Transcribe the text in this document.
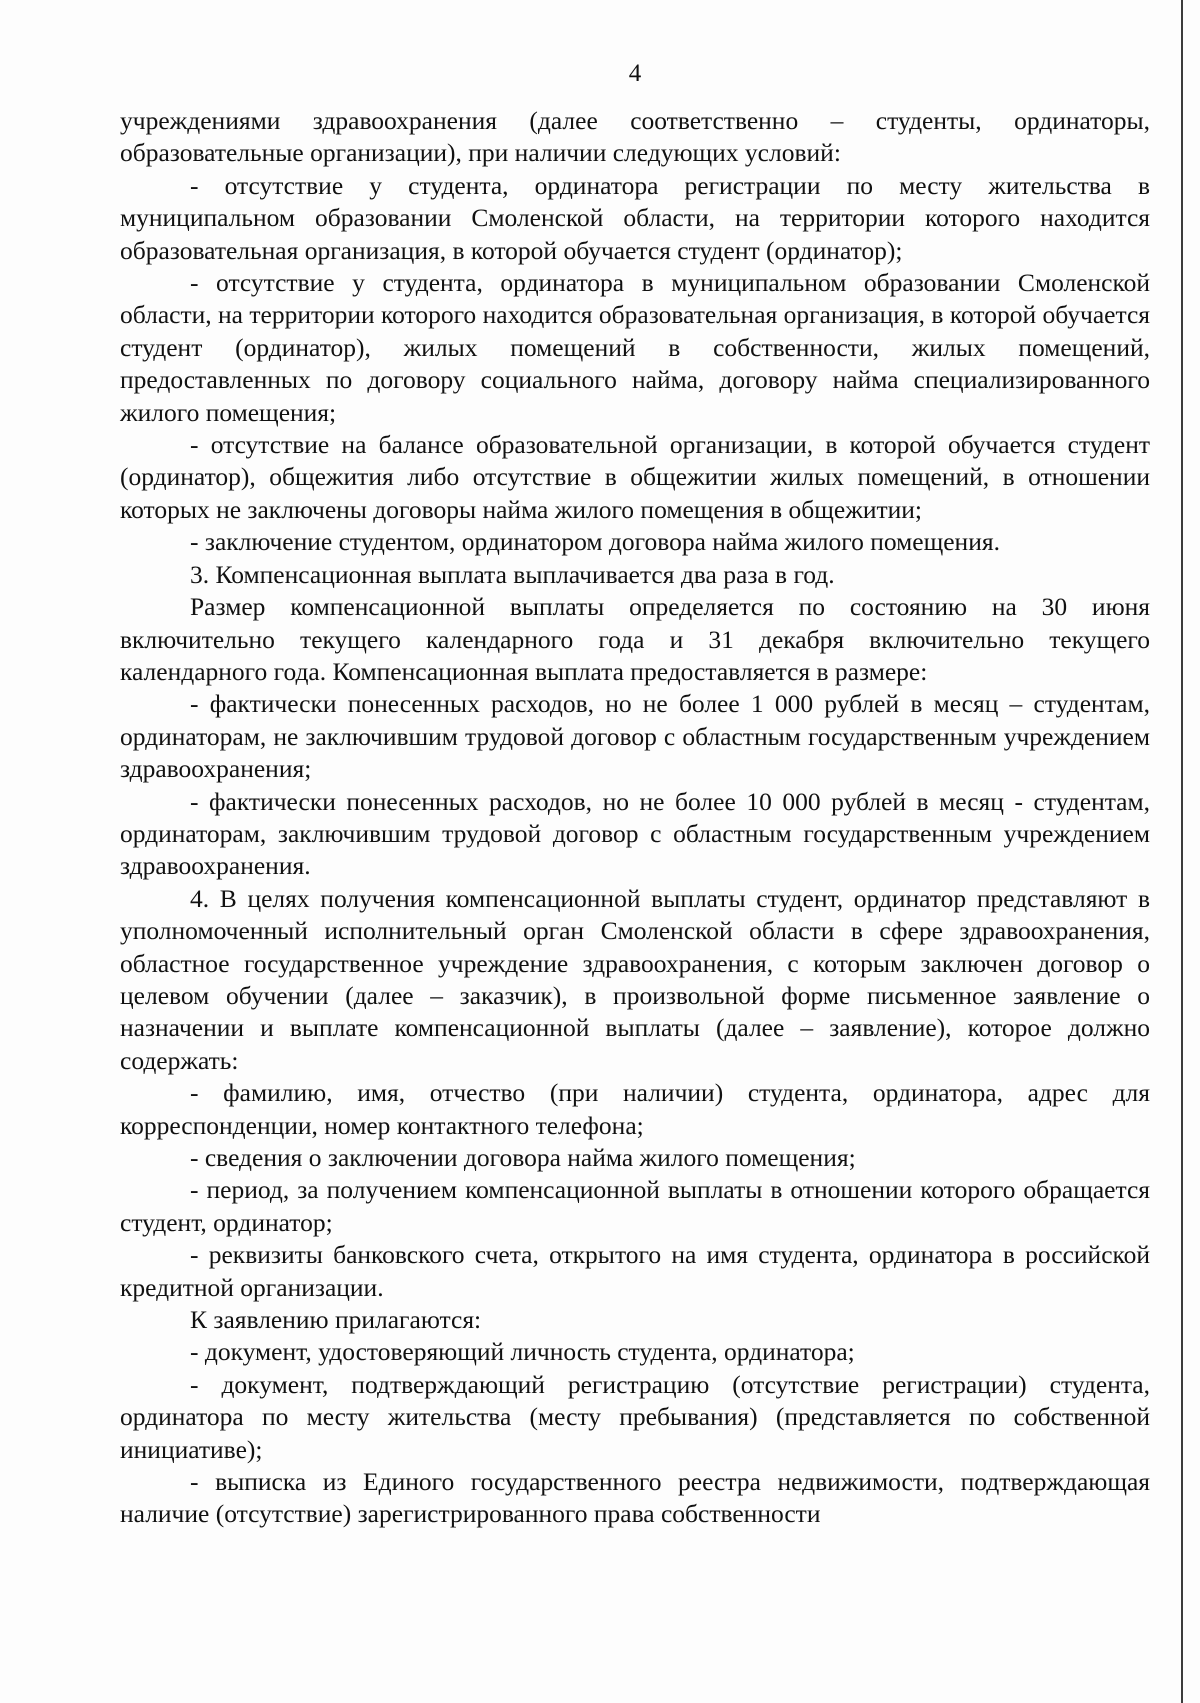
4

учреждениями здравоохранения (далее соответственно – студенты, ординаторы, образовательные организации), при наличии следующих условий:

- отсутствие у студента, ординатора регистрации по месту жительства в муниципальном образовании Смоленской области, на территории которого находится образовательная организация, в которой обучается студент (ординатор);

- отсутствие у студента, ординатора в муниципальном образовании Смоленской области, на территории которого находится образовательная организация, в которой обучается студент (ординатор), жилых помещений в собственности, жилых помещений, предоставленных по договору социального найма, договору найма специализированного жилого помещения;

- отсутствие на балансе образовательной организации, в которой обучается студент (ординатор), общежития либо отсутствие в общежитии жилых помещений, в отношении которых не заключены договоры найма жилого помещения в общежитии;

- заключение студентом, ординатором договора найма жилого помещения.

3. Компенсационная выплата выплачивается два раза в год.

Размер компенсационной выплаты определяется по состоянию на 30 июня включительно текущего календарного года и 31 декабря включительно текущего календарного года. Компенсационная выплата предоставляется в размере:

- фактически понесенных расходов, но не более 1 000 рублей в месяц – студентам, ординаторам, не заключившим трудовой договор с областным государственным учреждением здравоохранения;

- фактически понесенных расходов, но не более 10 000 рублей в месяц - студентам, ординаторам, заключившим трудовой договор с областным государственным учреждением здравоохранения.

4. В целях получения компенсационной выплаты студент, ординатор представляют в уполномоченный исполнительный орган Смоленской области в сфере здравоохранения, областное государственное учреждение здравоохранения, с которым заключен договор о целевом обучении (далее – заказчик), в произвольной форме письменное заявление о назначении и выплате компенсационной выплаты (далее – заявление), которое должно содержать:

- фамилию, имя, отчество (при наличии) студента, ординатора, адрес для корреспонденции, номер контактного телефона;

- сведения о заключении договора найма жилого помещения;

- период, за получением компенсационной выплаты в отношении которого обращается студент, ординатор;

- реквизиты банковского счета, открытого на имя студента, ординатора в российской кредитной организации.

К заявлению прилагаются:

- документ, удостоверяющий личность студента, ординатора;

- документ, подтверждающий регистрацию (отсутствие регистрации) студента, ординатора по месту жительства (месту пребывания) (представляется по собственной инициативе);

- выписка из Единого государственного реестра недвижимости, подтверждающая наличие (отсутствие) зарегистрированного права собственности
